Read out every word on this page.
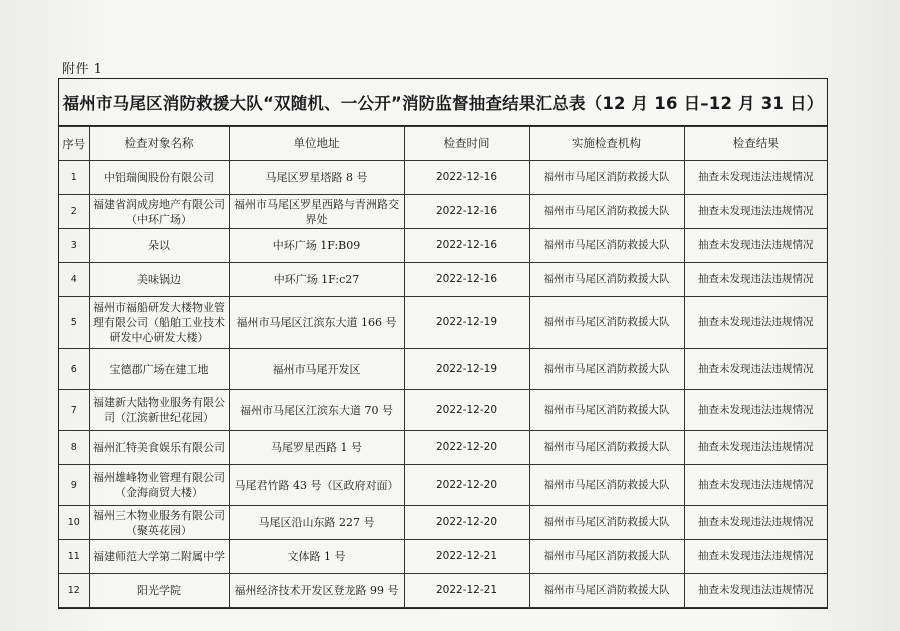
附件 1
福州市马尾区消防救援大队“双随机、一公开”消防监督抽查结果汇总表（12 月 16 日–12 月 31 日）
序号	检查对象名称	单位地址	检查时间	实施检查机构	检查结果
1	中铝瑞闽股份有限公司	马尾区罗星塔路 8 号	2022-12-16	福州市马尾区消防救援大队	抽查未发现违法违规情况
2	福建省润成房地产有限公司（中环广场）	福州市马尾区罗星西路与青洲路交界处	2022-12-16	福州市马尾区消防救援大队	抽查未发现违法违规情况
3	朵以	中环广场 1F:B09	2022-12-16	福州市马尾区消防救援大队	抽查未发现违法违规情况
4	美味锅边	中环广场 1F:c27	2022-12-16	福州市马尾区消防救援大队	抽查未发现违法违规情况
5	福州市福船研发大楼物业管理有限公司（船舶工业技术研发中心研发大楼）	福州市马尾区江滨东大道 166 号	2022-12-19	福州市马尾区消防救援大队	抽查未发现违法违规情况
6	宝德郡广场在建工地	福州市马尾开发区	2022-12-19	福州市马尾区消防救援大队	抽查未发现违法违规情况
7	福建新大陆物业服务有限公司（江滨新世纪花园）	福州市马尾区江滨东大道 70 号	2022-12-20	福州市马尾区消防救援大队	抽查未发现违法违规情况
8	福州汇特美食娱乐有限公司	马尾罗星西路 1 号	2022-12-20	福州市马尾区消防救援大队	抽查未发现违法违规情况
9	福州雄峰物业管理有限公司（金海商贸大楼）	马尾君竹路 43 号（区政府对面）	2022-12-20	福州市马尾区消防救援大队	抽查未发现违法违规情况
10	福州三木物业服务有限公司（聚英花园）	马尾区沿山东路 227 号	2022-12-20	福州市马尾区消防救援大队	抽查未发现违法违规情况
11	福建师范大学第二附属中学	文体路 1 号	2022-12-21	福州市马尾区消防救援大队	抽查未发现违法违规情况
12	阳光学院	福州经济技术开发区登龙路 99 号	2022-12-21	福州市马尾区消防救援大队	抽查未发现违法违规情况
